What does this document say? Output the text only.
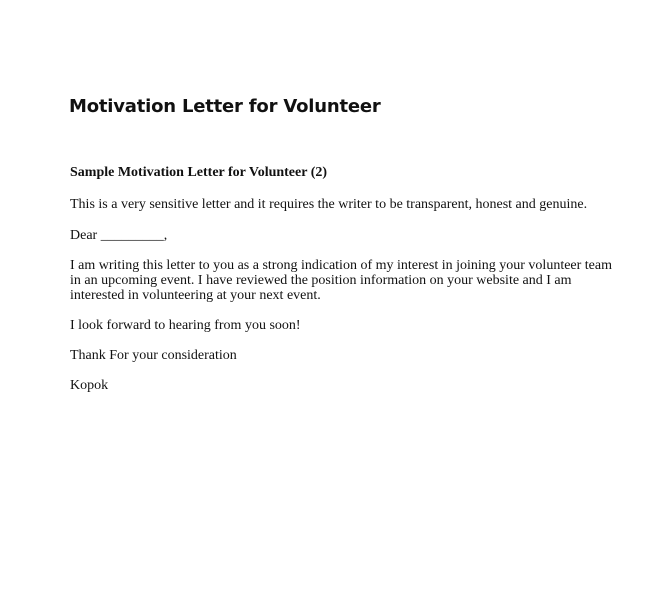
Motivation Letter for Volunteer

Sample Motivation Letter for Volunteer (2)

This is a very sensitive letter and it requires the writer to be transparent, honest and genuine.

Dear _________,

I am writing this letter to you as a strong indication of my interest in joining your volunteer team
in an upcoming event. I have reviewed the position information on your website and I am
interested in volunteering at your next event.

I look forward to hearing from you soon!

Thank For your consideration

Kopok
